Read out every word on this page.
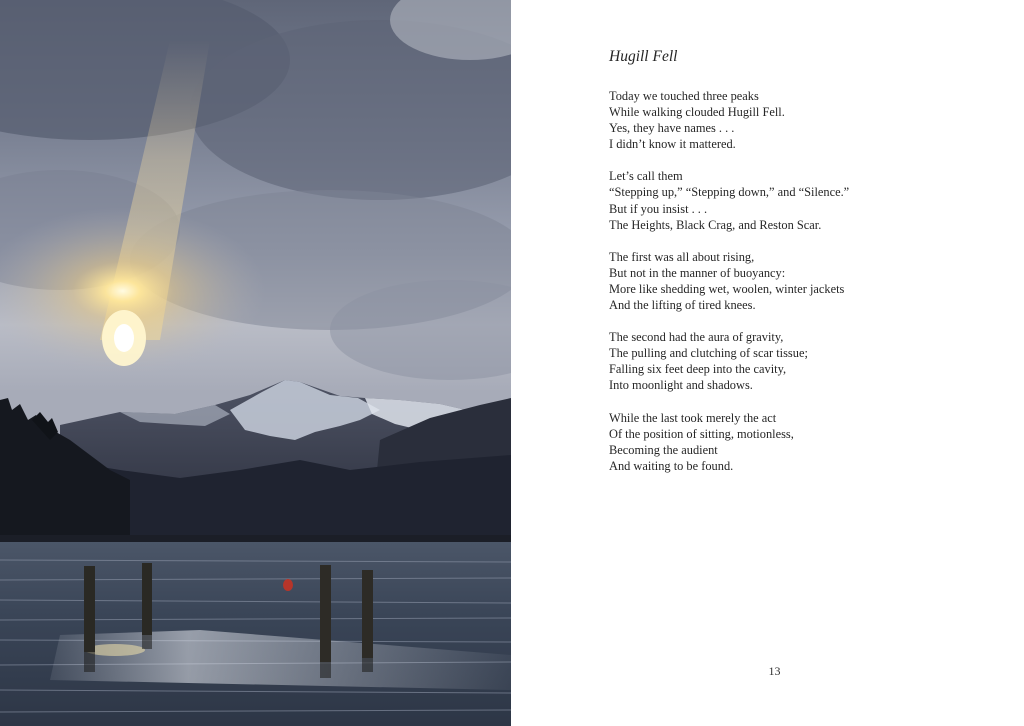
Hugill Fell
Today we touched three peaks
While walking clouded Hugill Fell.
Yes, they have names . . .
I didn’t know it mattered.
Let’s call them
“Stepping up,” “Stepping down,” and “Silence.”
But if you insist . . .
The Heights, Black Crag, and Reston Scar.
The first was all about rising,
But not in the manner of buoyancy:
More like shedding wet, woolen, winter jackets
And the lifting of tired knees.
The second had the aura of gravity,
The pulling and clutching of scar tissue;
Falling six feet deep into the cavity,
Into moonlight and shadows.
While the last took merely the act
Of the position of sitting, motionless,
Becoming the audient
And waiting to be found.
13
